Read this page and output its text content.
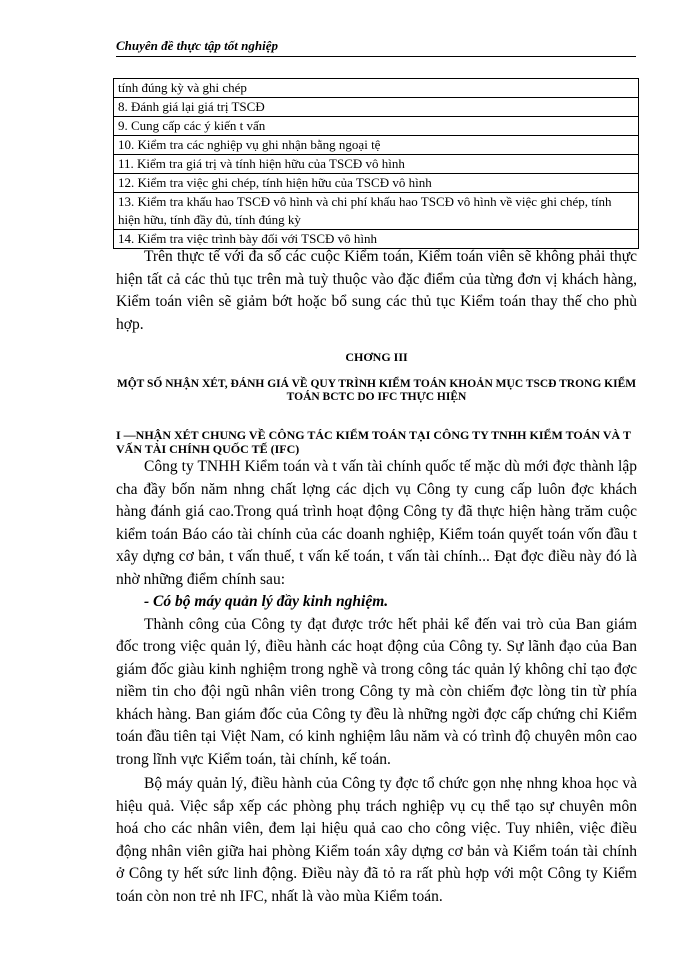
Chuyên đề thực tập tốt nghiệp
tính đúng kỳ và ghi chép
8. Đánh giá lại giá trị TSCĐ
9. Cung cấp các ý kiến t vấn
10. Kiểm tra các nghiệp vụ ghi nhận bằng ngoại tệ
11. Kiểm tra giá trị và tính hiện hữu của TSCĐ vô hình
12. Kiểm tra việc ghi chép, tính hiện hữu của TSCĐ vô hình
13. Kiểm tra khấu hao TSCĐ vô hình và chi phí khấu hao TSCĐ vô hình về việc ghi chép, tính hiện hữu, tính đầy đủ, tính đúng kỳ
14. Kiểm tra việc trình bày đối với TSCĐ vô hình

Trên thực tế với đa số các cuộc Kiểm toán, Kiểm toán viên sẽ không phải thực hiện tất cả các thủ tục trên mà tuỳ thuộc vào đặc điểm của từng đơn vị khách hàng, Kiểm toán viên sẽ giảm bớt hoặc bổ sung các thủ tục Kiểm toán thay thế cho phù hợp.

CHƠNG III
MỘT SỐ NHẬN XÉT, ĐÁNH GIÁ VỀ QUY TRÌNH KIỂM TOÁN KHOẢN MỤC TSCĐ TRONG KIỂM TOÁN BCTC DO IFC THỰC HIỆN
I —NHẬN XÉT CHUNG VỀ CÔNG TÁC KIỂM TOÁN TẠI CÔNG TY TNHH KIỂM TOÁN VÀ T VẤN TÀI CHÍNH QUỐC TẾ (IFC)

Công ty TNHH Kiểm toán và t vấn tài chính quốc tế mặc dù mới đợc thành lập cha đầy bốn năm nhng chất lợng các dịch vụ Công ty cung cấp luôn đợc khách hàng đánh giá cao.Trong quá trình hoạt động Công ty đã thực hiện hàng trăm cuộc kiểm toán Báo cáo tài chính của các doanh nghiệp, Kiểm toán quyết toán vốn đầu t xây dựng cơ bản, t vấn thuế, t vấn kế toán, t vấn tài chính... Đạt đợc điều này đó là nhờ những điểm chính sau:

- Có bộ máy quản lý đầy kinh nghiệm.

Thành công của Công ty đạt được trớc hết phải kể đến vai trò của Ban giám đốc trong việc quản lý, điều hành các hoạt động của Công ty. Sự lãnh đạo của Ban giám đốc giàu kinh nghiệm trong nghề và trong công tác quản lý không chỉ tạo đợc niềm tin cho đội ngũ nhân viên trong Công ty mà còn chiếm đợc lòng tin từ phía khách hàng. Ban giám đốc của Công ty đều là những ngời đợc cấp chứng chỉ Kiểm toán đầu tiên tại Việt Nam, có kinh nghiệm lâu năm và có trình độ chuyên môn cao trong lĩnh vực Kiểm toán, tài chính, kế toán.

Bộ máy quản lý, điều hành của Công ty đợc tổ chức gọn nhẹ nhng khoa học và hiệu quả. Việc sắp xếp các phòng phụ trách nghiệp vụ cụ thể tạo sự chuyên môn hoá cho các nhân viên, đem lại hiệu quả cao cho công việc. Tuy nhiên, việc điều động nhân viên giữa hai phòng Kiểm toán xây dựng cơ bản và Kiểm toán tài chính ở Công ty hết sức linh động. Điều này đã tỏ ra rất phù hợp với một Công ty Kiểm toán còn non trẻ nh IFC, nhất là vào mùa Kiểm toán.
